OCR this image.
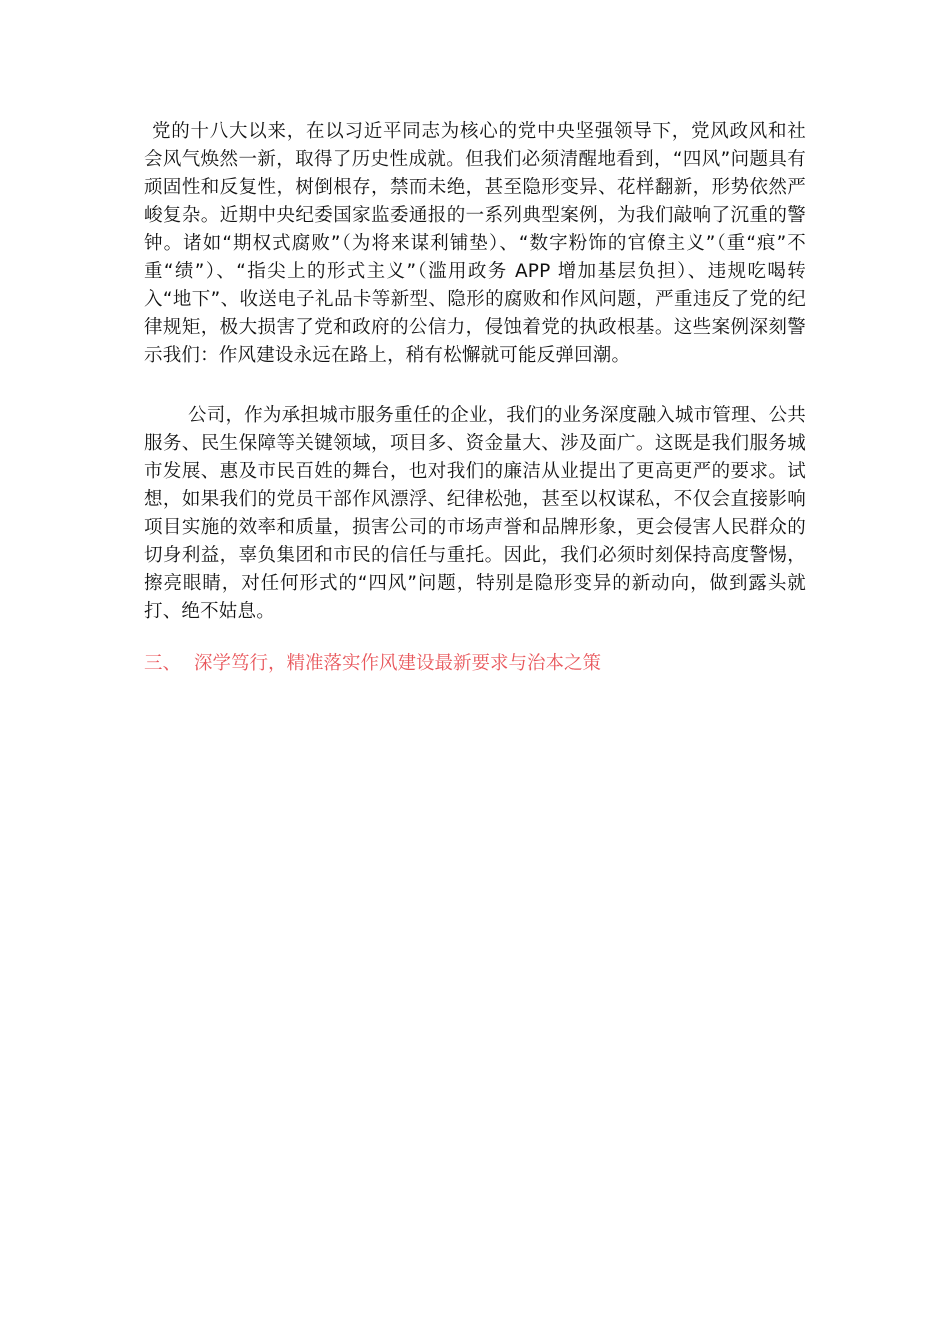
党的十八大以来，在以习近平同志为核心的党中央坚强领导下，党风政风和社会风气焕然一新，取得了历史性成就。但我们必须清醒地看到，“四风”问题具有顽固性和反复性，树倒根存，禁而未绝，甚至隐形变异、花样翻新，形势依然严峻复杂。近期中央纪委国家监委通报的一系列典型案例，为我们敲响了沉重的警钟。诸如“期权式腐败”（为将来谋利铺垫）、“数字粉饰的官僚主义”（重“痕”不重“绩”）、“指尖上的形式主义”（滥用政务 APP 增加基层负担）、违规吃喝转入“地下”、收送电子礼品卡等新型、隐形的腐败和作风问题，严重违反了党的纪律规矩，极大损害了党和政府的公信力，侵蚀着党的执政根基。这些案例深刻警示我们：作风建设永远在路上，稍有松懈就可能反弹回潮。

公司，作为承担城市服务重任的企业，我们的业务深度融入城市管理、公共服务、民生保障等关键领域，项目多、资金量大、涉及面广。这既是我们服务城市发展、惠及市民百姓的舞台，也对我们的廉洁从业提出了更高更严的要求。试想，如果我们的党员干部作风漂浮、纪律松弛，甚至以权谋私，不仅会直接影响项目实施的效率和质量，损害公司的市场声誉和品牌形象，更会侵害人民群众的切身利益，辜负集团和市民的信任与重托。因此，我们必须时刻保持高度警惕，擦亮眼睛，对任何形式的“四风”问题，特别是隐形变异的新动向，做到露头就打、绝不姑息。

三、 深学笃行，精准落实作风建设最新要求与治本之策
